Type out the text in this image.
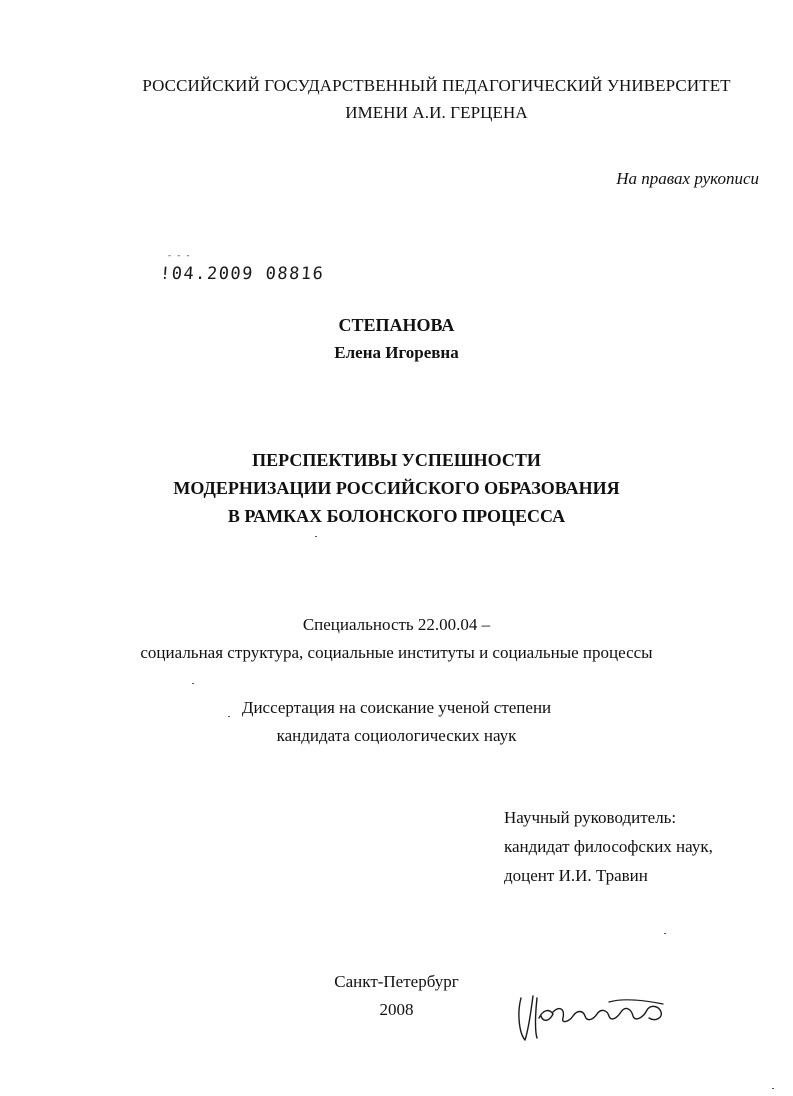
РОССИЙСКИЙ ГОСУДАРСТВЕННЫЙ ПЕДАГОГИЧЕСКИЙ УНИВЕРСИТЕТ
ИМЕНИ А.И. ГЕРЦЕНА
На правах рукописи
- - -
!04.2009 08816
СТЕПАНОВА
Елена Игоревна
ПЕРСПЕКТИВЫ УСПЕШНОСТИ
МОДЕРНИЗАЦИИ РОССИЙСКОГО ОБРАЗОВАНИЯ
В РАМКАХ БОЛОНСКОГО ПРОЦЕССА
Специальность 22.00.04 –
социальная структура, социальные институты и социальные процессы
Диссертация на соискание ученой степени
кандидата социологических наук
Научный руководитель:
кандидат философских наук,
доцент И.И. Травин
Санкт-Петербург
2008
